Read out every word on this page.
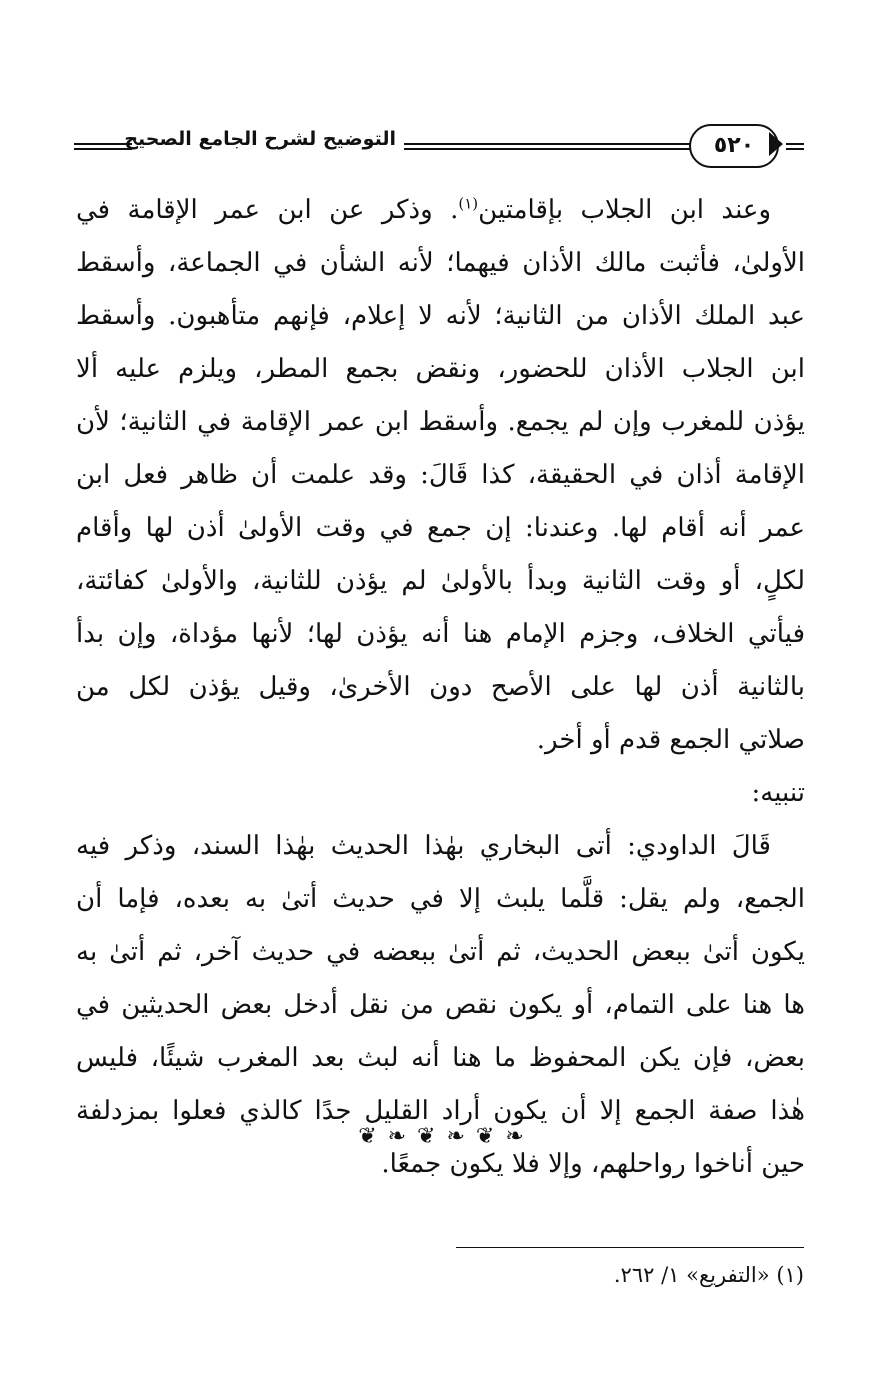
التوضيح لشرح الجامع الصحيح	٥٢٠
وعند ابن الجلاب بإقامتين$^{(١)}$. وذكر عن ابن عمر الإقامة في
الأولىٰ، فأثبت مالك الأذان فيهما؛ لأنه الشأن في الجماعة، وأسقط
عبد الملك الأذان من الثانية؛ لأنه لا إعلام، فإنهم متأهبون. وأسقط
ابن الجلاب الأذان للحضور، ونقض بجمع المطر، ويلزم عليه ألا
يؤذن للمغرب وإن لم يجمع. وأسقط ابن عمر الإقامة في الثانية؛ لأن
الإقامة أذان في الحقيقة، كذا قَالَ: وقد علمت أن ظاهر فعل ابن
عمر أنه أقام لها. وعندنا: إن جمع في وقت الأولىٰ أذن لها وأقام
لكلٍ، أو وقت الثانية وبدأ بالأولىٰ لم يؤذن للثانية، والأولىٰ كفائتة،
فيأتي الخلاف، وجزم الإمام هنا أنه يؤذن لها؛ لأنها مؤداة، وإن بدأ
بالثانية أذن لها على الأصح دون الأخرىٰ، وقيل يؤذن لكل من
صلاتي الجمع قدم أو أخر.
تنبيه:
قَالَ الداودي: أتى البخاري بهٰذا الحديث بهٰذا السند، وذكر فيه
الجمع، ولم يقل: قلَّما يلبث إلا في حديث أتىٰ به بعده، فإما أن
يكون أتىٰ ببعض الحديث، ثم أتىٰ ببعضه في حديث آخر، ثم أتىٰ به
ها هنا على التمام، أو يكون نقص من نقل أدخل بعض الحديثين في
بعض، فإن يكن المحفوظ ما هنا أنه لبث بعد المغرب شيئًا، فليس
هٰذا صفة الجمع إلا أن يكون أراد القليل جدًا كالذي فعلوا بمزدلفة
حين أناخوا رواحلهم، وإلا فلا يكون جمعًا.
❦ ❧ ❦ ❧ ❦ ❧
(١) «التفريع» ١/ ٢٦٢.
